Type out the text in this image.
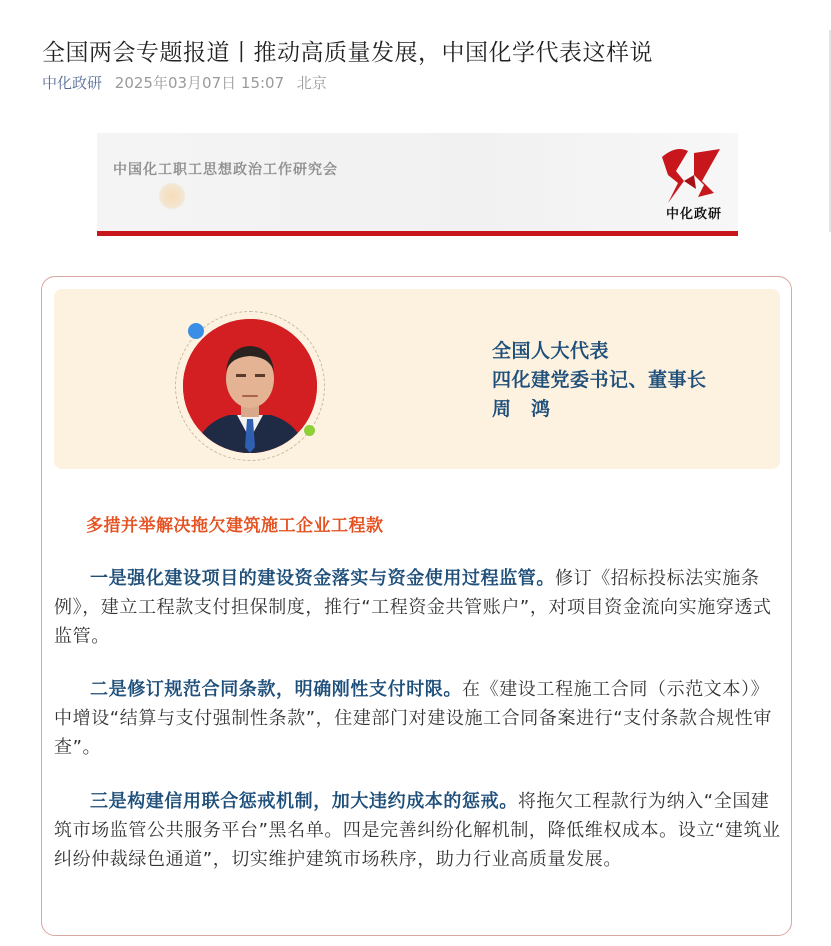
全国两会专题报道丨推动高质量发展，中国化学代表这样说
中化政研 2025年03月07日 15:07 北京
中国化工职工思想政治工作研究会
中化政研
全国人大代表
四化建党委书记、董事长
周　鸿
多措并举解决拖欠建筑施工企业工程款

一是强化建设项目的建设资金落实与资金使用过程监管。修订《招标投标法实施条例》，建立工程款支付担保制度，推行“工程资金共管账户”，对项目资金流向实施穿透式监管。

二是修订规范合同条款，明确刚性支付时限。在《建设工程施工合同（示范文本）》中增设“结算与支付强制性条款”，住建部门对建设施工合同备案进行“支付条款合规性审查”。

三是构建信用联合惩戒机制，加大违约成本的惩戒。将拖欠工程款行为纳入“全国建筑市场监管公共服务平台”黑名单。四是完善纠纷化解机制，降低维权成本。设立“建筑业纠纷仲裁绿色通道”，切实维护建筑市场秩序，助力行业高质量发展。
